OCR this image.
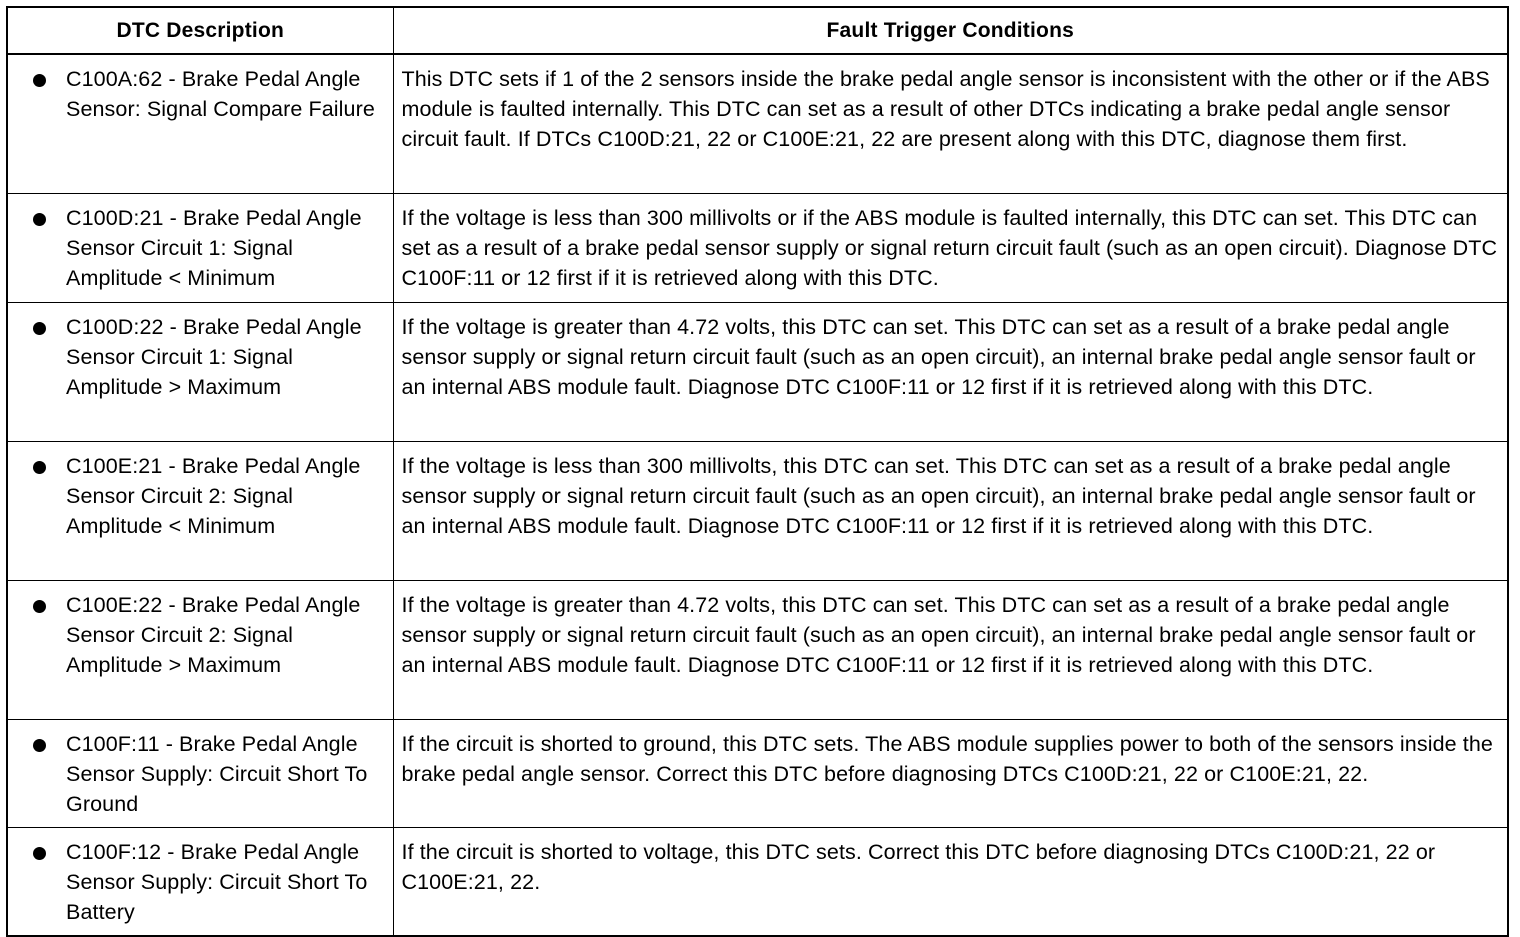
DTC Description	Fault Trigger Conditions

C100A:62 - Brake Pedal Angle Sensor: Signal Compare Failure	This DTC sets if 1 of the 2 sensors inside the brake pedal angle sensor is inconsistent with the other or if the ABS module is faulted internally. This DTC can set as a result of other DTCs indicating a brake pedal angle sensor circuit fault. If DTCs C100D:21, 22 or C100E:21, 22 are present along with this DTC, diagnose them first.

C100D:21 - Brake Pedal Angle Sensor Circuit 1: Signal Amplitude < Minimum	If the voltage is less than 300 millivolts or if the ABS module is faulted internally, this DTC can set. This DTC can set as a result of a brake pedal sensor supply or signal return circuit fault (such as an open circuit). Diagnose DTC C100F:11 or 12 first if it is retrieved along with this DTC.

C100D:22 - Brake Pedal Angle Sensor Circuit 1: Signal Amplitude > Maximum	If the voltage is greater than 4.72 volts, this DTC can set. This DTC can set as a result of a brake pedal angle sensor supply or signal return circuit fault (such as an open circuit), an internal brake pedal angle sensor fault or an internal ABS module fault. Diagnose DTC C100F:11 or 12 first if it is retrieved along with this DTC.

C100E:21 - Brake Pedal Angle Sensor Circuit 2: Signal Amplitude < Minimum	If the voltage is less than 300 millivolts, this DTC can set. This DTC can set as a result of a brake pedal angle sensor supply or signal return circuit fault (such as an open circuit), an internal brake pedal angle sensor fault or an internal ABS module fault. Diagnose DTC C100F:11 or 12 first if it is retrieved along with this DTC.

C100E:22 - Brake Pedal Angle Sensor Circuit 2: Signal Amplitude > Maximum	If the voltage is greater than 4.72 volts, this DTC can set. This DTC can set as a result of a brake pedal angle sensor supply or signal return circuit fault (such as an open circuit), an internal brake pedal angle sensor fault or an internal ABS module fault. Diagnose DTC C100F:11 or 12 first if it is retrieved along with this DTC.

C100F:11 - Brake Pedal Angle Sensor Supply: Circuit Short To Ground	If the circuit is shorted to ground, this DTC sets. The ABS module supplies power to both of the sensors inside the brake pedal angle sensor. Correct this DTC before diagnosing DTCs C100D:21, 22 or C100E:21, 22.

C100F:12 - Brake Pedal Angle Sensor Supply: Circuit Short To Battery	If the circuit is shorted to voltage, this DTC sets. Correct this DTC before diagnosing DTCs C100D:21, 22 or C100E:21, 22.
